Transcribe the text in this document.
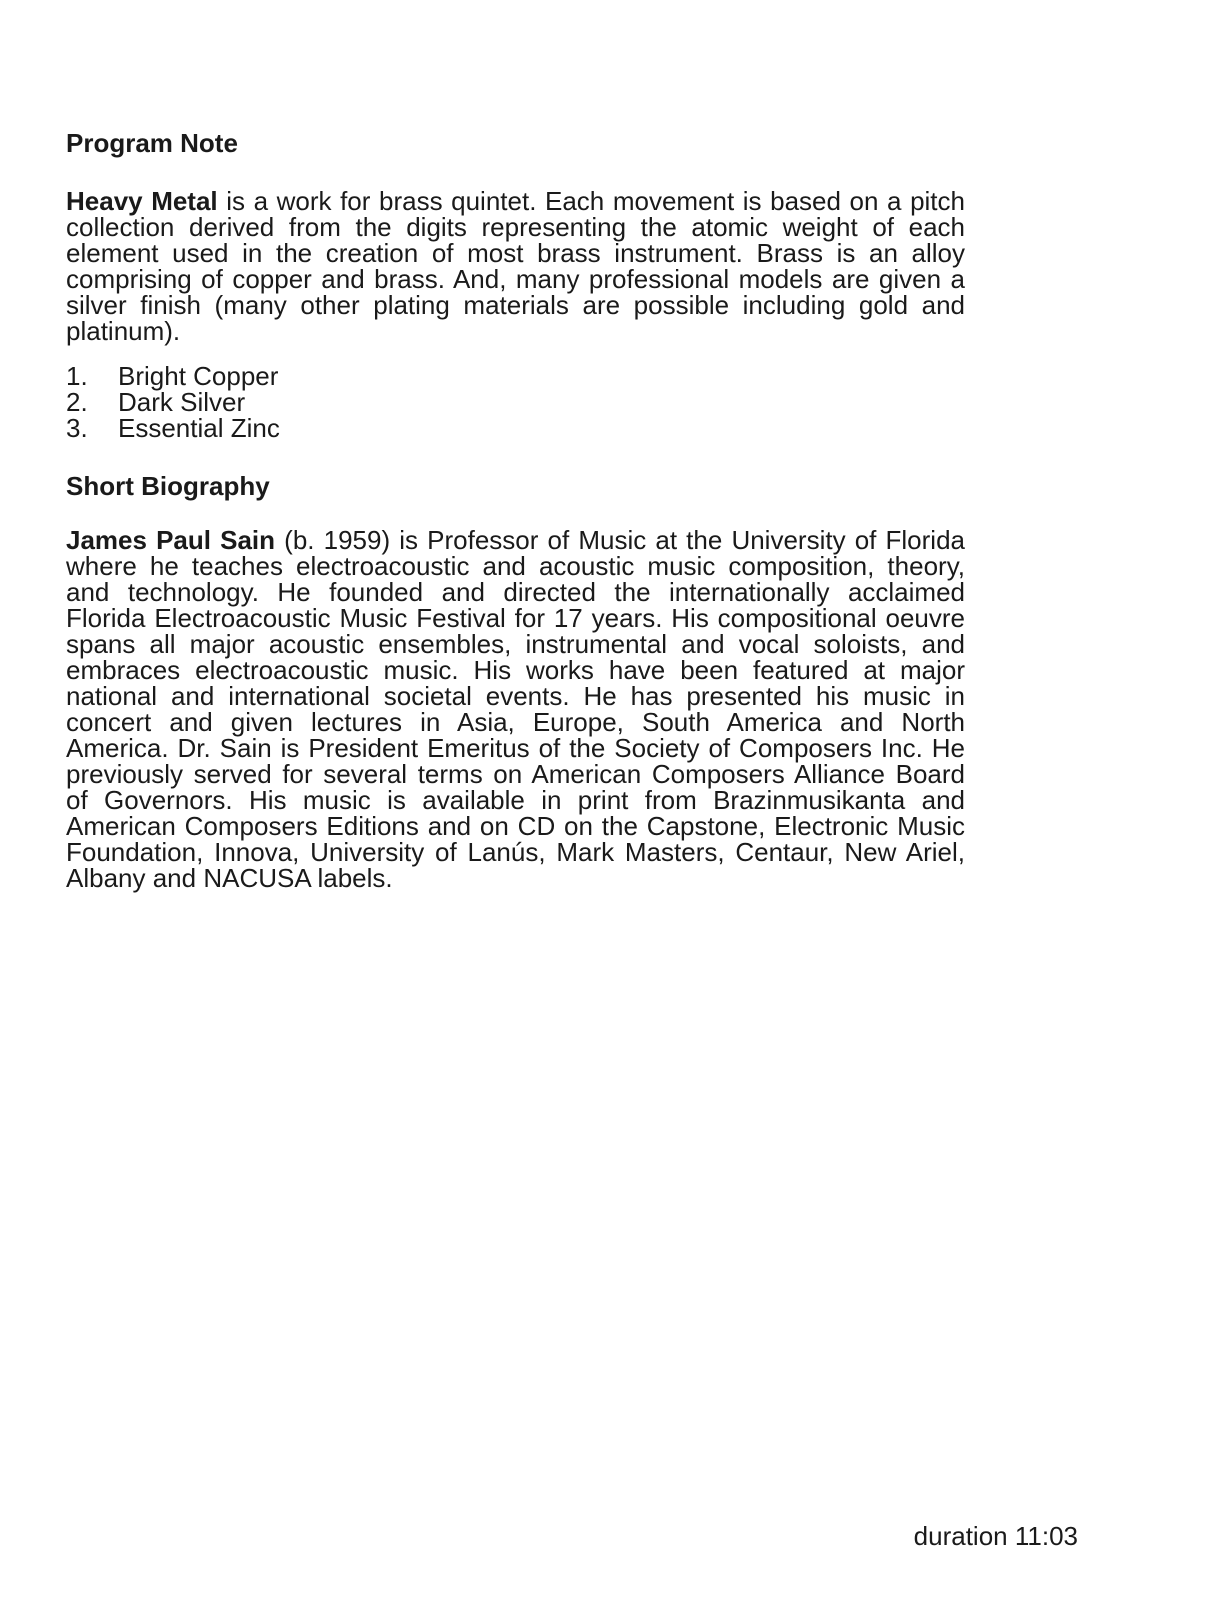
Program Note
Heavy Metal is a work for brass quintet. Each movement is based on a pitch
collection derived from the digits representing the atomic weight of each
element used in the creation of most brass instrument. Brass is an alloy
comprising of copper and brass. And, many professional models are given a
silver finish (many other plating materials are possible including gold and
platinum).
1. Bright Copper
2. Dark Silver
3. Essential Zinc
Short Biography
James Paul Sain (b. 1959) is Professor of Music at the University of Florida
where he teaches electroacoustic and acoustic music composition, theory,
and technology. He founded and directed the internationally acclaimed
Florida Electroacoustic Music Festival for 17 years. His compositional oeuvre
spans all major acoustic ensembles, instrumental and vocal soloists, and
embraces electroacoustic music. His works have been featured at major
national and international societal events. He has presented his music in
concert and given lectures in Asia, Europe, South America and North
America. Dr. Sain is President Emeritus of the Society of Composers Inc. He
previously served for several terms on American Composers Alliance Board
of Governors. His music is available in print from Brazinmusikanta and
American Composers Editions and on CD on the Capstone, Electronic Music
Foundation, Innova, University of Lanús, Mark Masters, Centaur, New Ariel,
Albany and NACUSA labels.
duration 11:03
